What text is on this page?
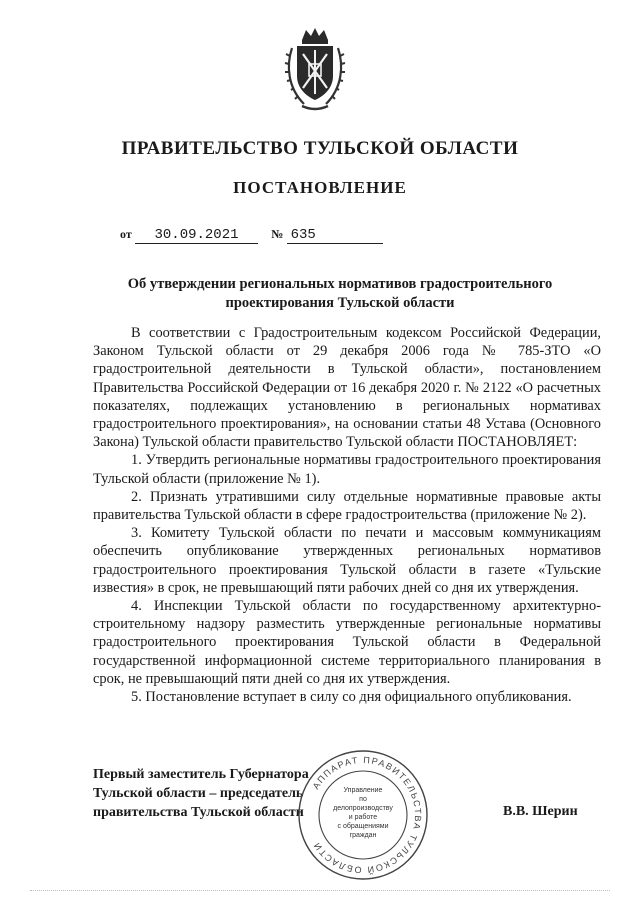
ПРАВИТЕЛЬСТВО ТУЛЬСКОЙ ОБЛАСТИ
ПОСТАНОВЛЕНИЕ
от 30.09.2021	№ 635
Об утверждении региональных нормативов градостроительного
проектирования Тульской области

В соответствии с Градостроительным кодексом Российской Федерации, Законом Тульской области от 29 декабря 2006 года № 785-ЗТО «О градостроительной деятельности в Тульской области», постановлением Правительства Российской Федерации от 16 декабря 2020 г. № 2122 «О расчетных показателях, подлежащих установлению в региональных нормативах градостроительного проектирования», на основании статьи 48 Устава (Основного Закона) Тульской области правительство Тульской области ПОСТАНОВЛЯЕТ:

1. Утвердить региональные нормативы градостроительного проектирования Тульской области (приложение № 1).

2. Признать утратившими силу отдельные нормативные правовые акты правительства Тульской области в сфере градостроительства (приложение № 2).

3. Комитету Тульской области по печати и массовым коммуникациям обеспечить опубликование утвержденных региональных нормативов градостроительного проектирования Тульской области в газете «Тульские известия» в срок, не превышающий пяти рабочих дней со дня их утверждения.

4. Инспекции Тульской области по государственному архитектурно-строительному надзору разместить утвержденные региональные нормативы градостроительного проектирования Тульской области в Федеральной государственной информационной системе территориального планирования в срок, не превышающий пяти дней со дня их утверждения.

5. Постановление вступает в силу со дня официального опубликования.

Первый заместитель Губернатора
Тульской области – председатель
правительства Тульской области	В.В. Шерин
АППАРАТ ПРАВИТЕЛЬСТВА ТУЛЬСКОЙ ОБЛАСТИ
Управление
по делопроизводству
и работе
с обращениями
граждан
